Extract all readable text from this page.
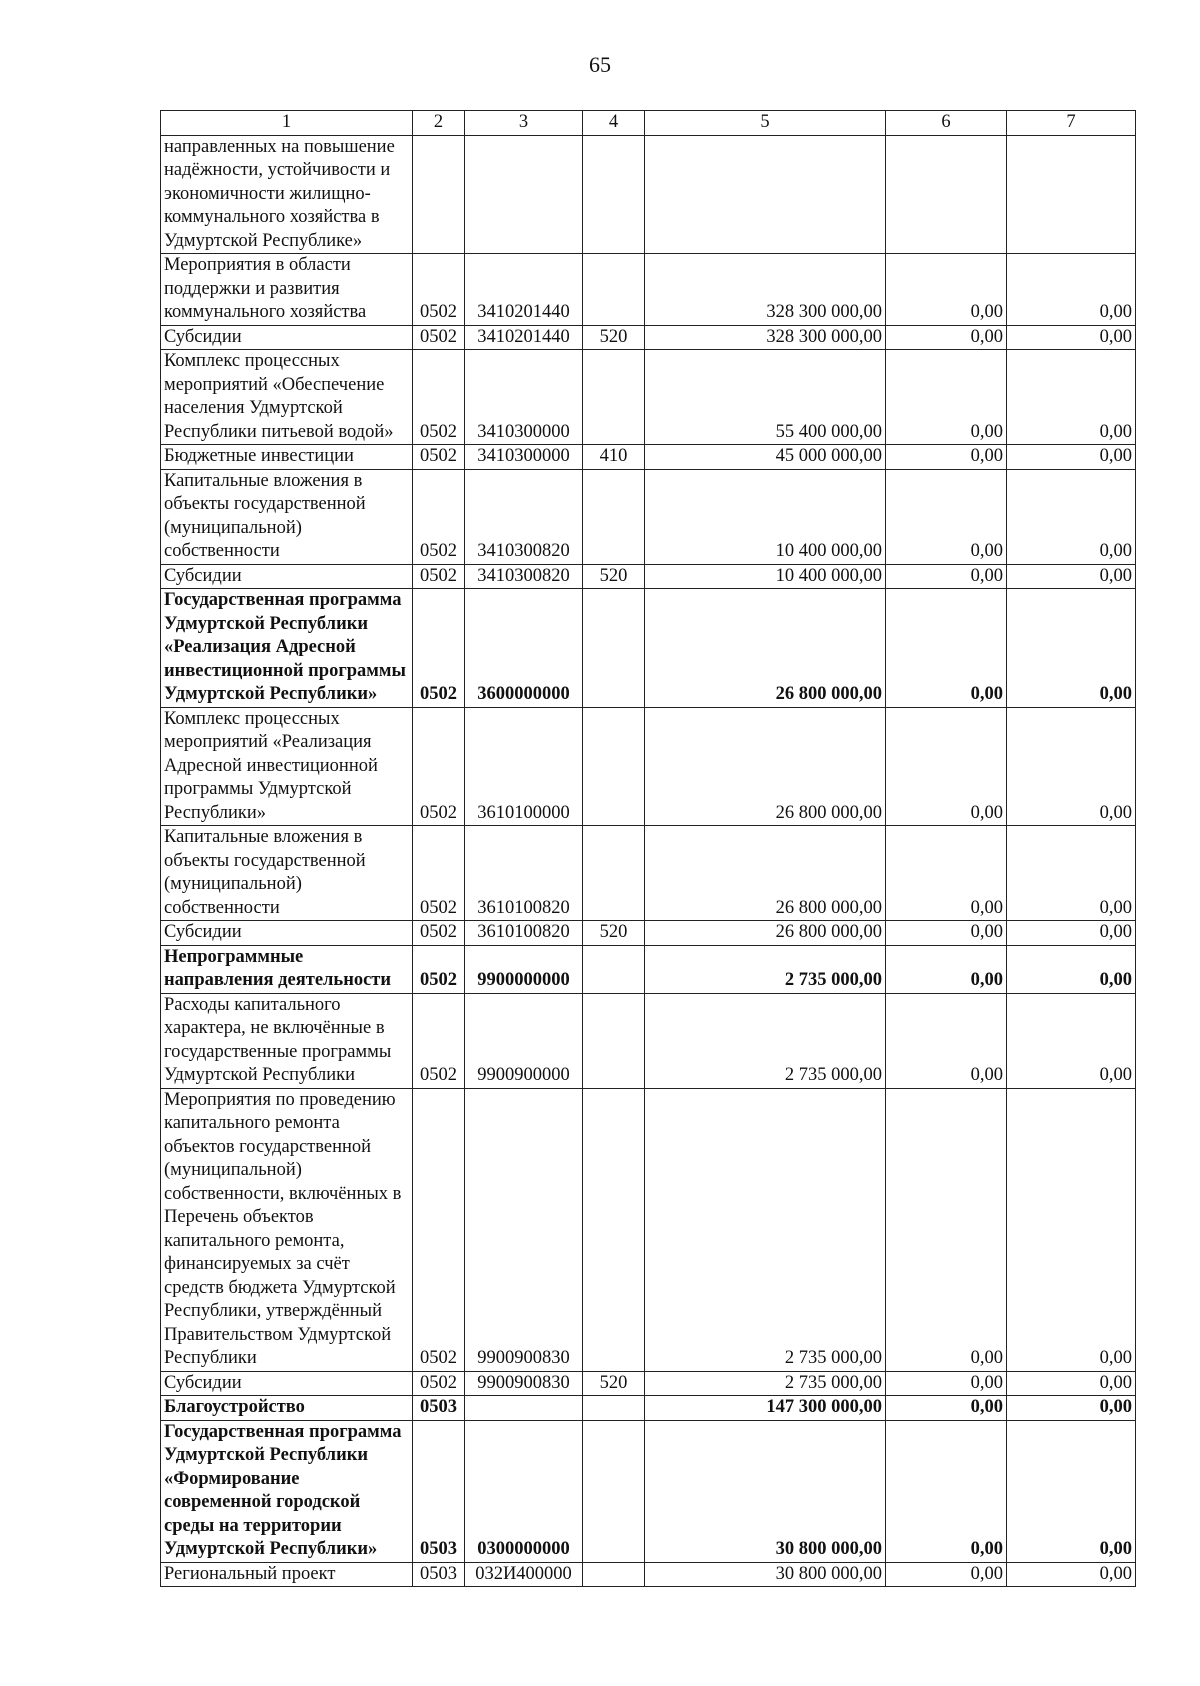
65
1	2	3	4	5	6	7
направленных на повышение надёжности, устойчивости и экономичности жилищно-коммунального хозяйства в Удмуртской Республике»						
Мероприятия в области поддержки и развития коммунального хозяйства	0502	3410201440		328 300 000,00	0,00	0,00
Субсидии	0502	3410201440	520	328 300 000,00	0,00	0,00
Комплекс процессных мероприятий «Обеспечение населения Удмуртской Республики питьевой водой»	0502	3410300000		55 400 000,00	0,00	0,00
Бюджетные инвестиции	0502	3410300000	410	45 000 000,00	0,00	0,00
Капитальные вложения в объекты государственной (муниципальной) собственности	0502	3410300820		10 400 000,00	0,00	0,00
Субсидии	0502	3410300820	520	10 400 000,00	0,00	0,00
Государственная программа Удмуртской Республики «Реализация Адресной инвестиционной программы Удмуртской Республики»	0502	3600000000		26 800 000,00	0,00	0,00
Комплекс процессных мероприятий «Реализация Адресной инвестиционной программы Удмуртской Республики»	0502	3610100000		26 800 000,00	0,00	0,00
Капитальные вложения в объекты государственной (муниципальной) собственности	0502	3610100820		26 800 000,00	0,00	0,00
Субсидии	0502	3610100820	520	26 800 000,00	0,00	0,00
Непрограммные направления деятельности	0502	9900000000		2 735 000,00	0,00	0,00
Расходы капитального характера, не включённые в государственные программы Удмуртской Республики	0502	9900900000		2 735 000,00	0,00	0,00
Мероприятия по проведению капитального ремонта объектов государственной (муниципальной) собственности, включённых в Перечень объектов капитального ремонта, финансируемых за счёт средств бюджета Удмуртской Республики, утверждённый Правительством Удмуртской Республики	0502	9900900830		2 735 000,00	0,00	0,00
Субсидии	0502	9900900830	520	2 735 000,00	0,00	0,00
Благоустройство	0503			147 300 000,00	0,00	0,00
Государственная программа Удмуртской Республики «Формирование современной городской среды на территории Удмуртской Республики»	0503	0300000000		30 800 000,00	0,00	0,00
Региональный проект	0503	032И400000		30 800 000,00	0,00	0,00
